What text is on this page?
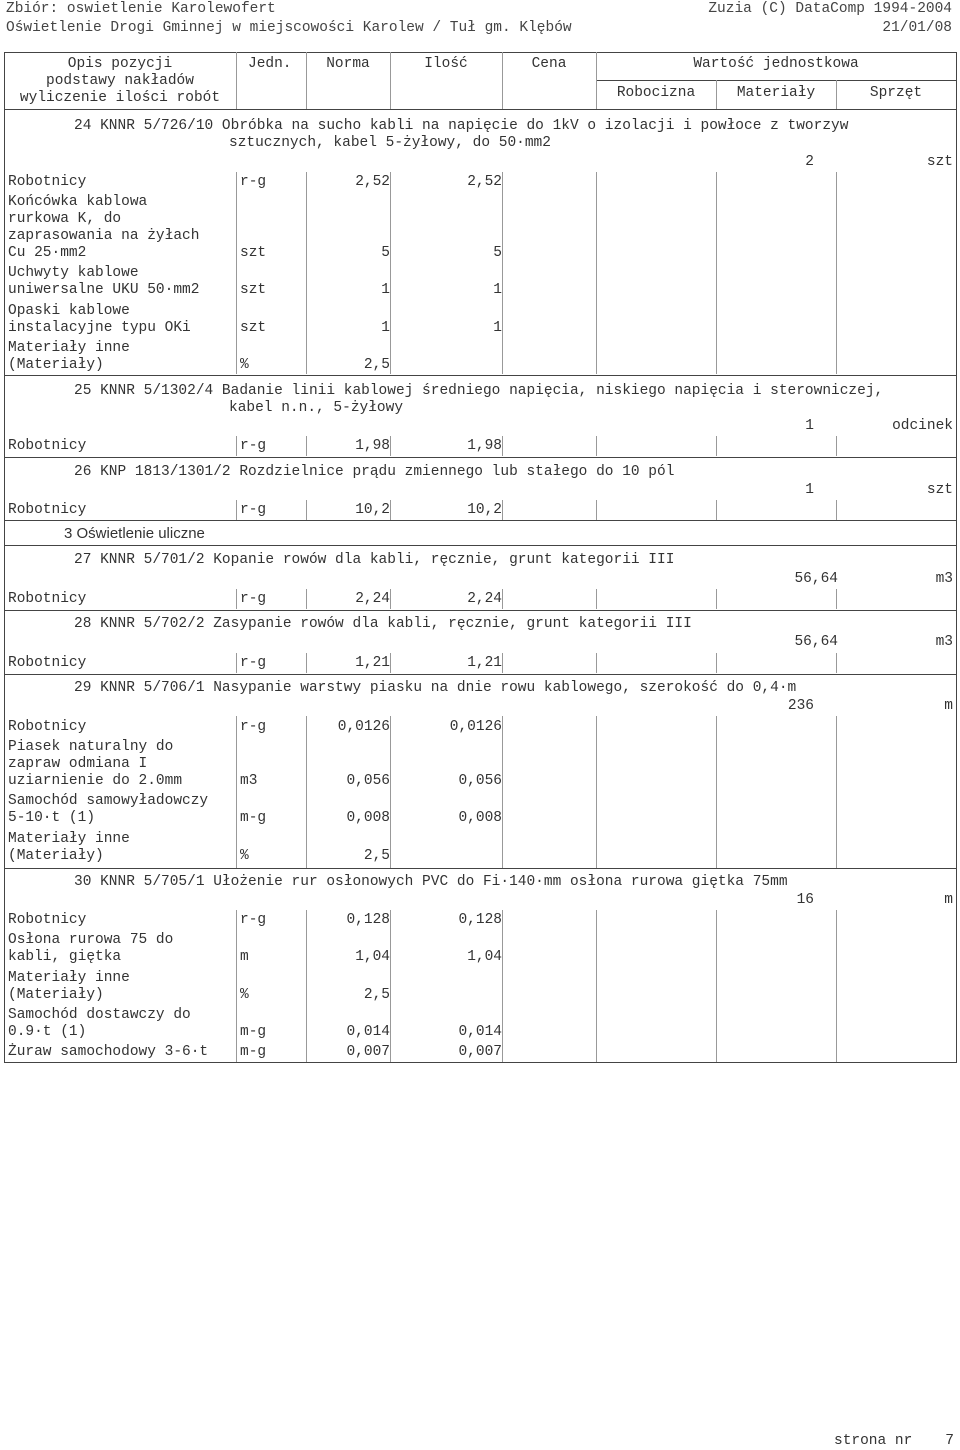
Zbiór: oswietlenie Karolewofert	Zuzia (C) DataComp 1994-2004
Oświetlenie Drogi Gminnej w miejscowości Karolew / Tuł gm. Klębów	21/01/08
Opis pozycji
podstawy nakładów
wyliczenie ilości robót
Jedn.	Norma	Ilość	Cena	Wartość jednostkowa
Robocizna	Materiały	Sprzęt
24 KNNR 5/726/10 Obróbka na sucho kabli na napięcie do 1kV o izolacji i powłoce z tworzyw
sztucznych, kabel 5-żyłowy, do 50·mm2
2	szt
Robotnicy	r-g	2,52	2,52
Końcówka kablowa
rurkowa K, do
zaprasowania na żyłach
Cu 25·mm2	szt	5	5
Uchwyty kablowe
uniwersalne UKU 50·mm2	szt	1	1
Opaski kablowe
instalacyjne typu OKi	szt	1	1
Materiały inne
(Materiały)	%	2,5
25 KNNR 5/1302/4 Badanie linii kablowej średniego napięcia, niskiego napięcia i sterowniczej,
kabel n.n., 5-żyłowy
1	odcinek
Robotnicy	r-g	1,98	1,98
26 KNP 1813/1301/2 Rozdzielnice prądu zmiennego lub stałego do 10 pól
1	szt
Robotnicy	r-g	10,2	10,2
3 Oświetlenie uliczne
27 KNNR 5/701/2 Kopanie rowów dla kabli, ręcznie, grunt kategorii III
56,64	m3
Robotnicy	r-g	2,24	2,24
28 KNNR 5/702/2 Zasypanie rowów dla kabli, ręcznie, grunt kategorii III
56,64	m3
Robotnicy	r-g	1,21	1,21
29 KNNR 5/706/1 Nasypanie warstwy piasku na dnie rowu kablowego, szerokość do 0,4·m
236	m
Robotnicy	r-g	0,0126	0,0126
Piasek naturalny do
zapraw odmiana I
uziarnienie do 2.0mm	m3	0,056	0,056
Samochód samowyładowczy
5-10·t (1)	m-g	0,008	0,008
Materiały inne
(Materiały)	%	2,5
30 KNNR 5/705/1 Ułożenie rur osłonowych PVC do Fi·140·mm osłona rurowa giętka 75mm
16	m
Robotnicy	r-g	0,128	0,128
Osłona rurowa 75 do
kabli, giętka	m	1,04	1,04
Materiały inne
(Materiały)	%	2,5
Samochód dostawczy do
0.9·t (1)	m-g	0,014	0,014
Żuraw samochodowy 3-6·t	m-g	0,007	0,007
strona nr 7
